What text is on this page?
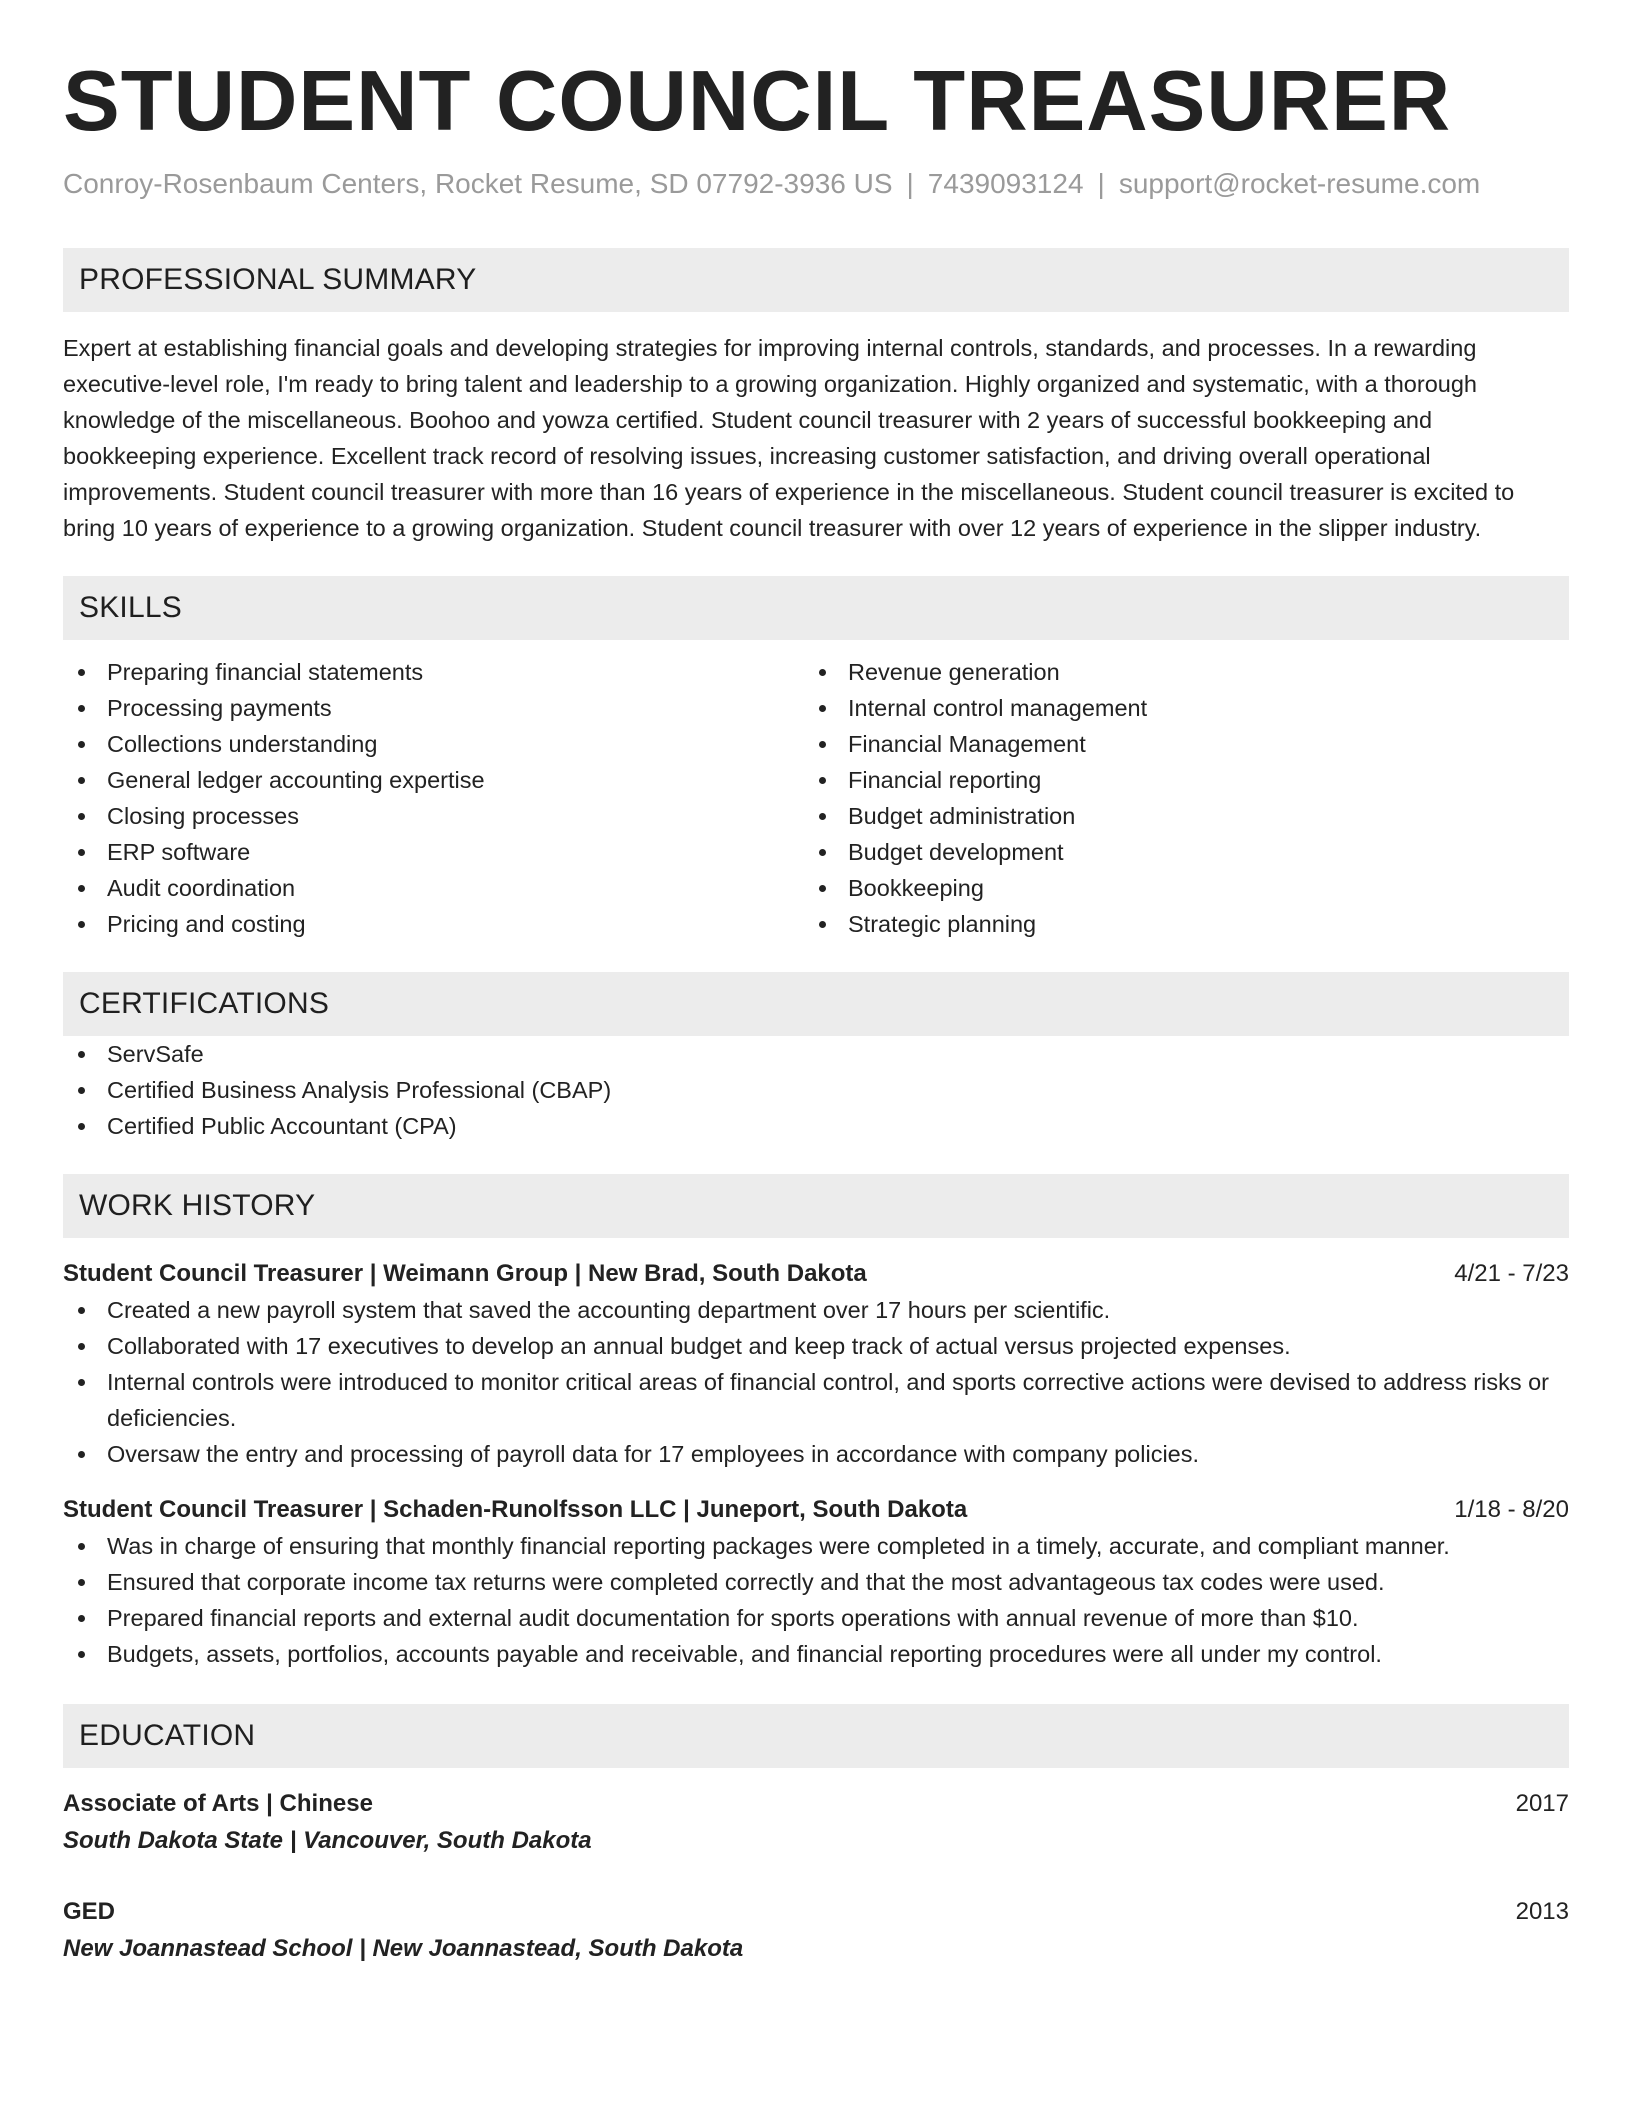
STUDENT COUNCIL TREASURER
Conroy-Rosenbaum Centers, Rocket Resume, SD 07792-3936 US | 7439093124 | support@rocket-resume.com
PROFESSIONAL SUMMARY

Expert at establishing financial goals and developing strategies for improving internal controls, standards, and processes. In a rewarding executive-level role, I'm ready to bring talent and leadership to a growing organization. Highly organized and systematic, with a thorough knowledge of the miscellaneous. Boohoo and yowza certified. Student council treasurer with 2 years of successful bookkeeping and bookkeeping experience. Excellent track record of resolving issues, increasing customer satisfaction, and driving overall operational improvements. Student council treasurer with more than 16 years of experience in the miscellaneous. Student council treasurer is excited to bring 10 years of experience to a growing organization. Student council treasurer with over 12 years of experience in the slipper industry.

SKILLS
Preparing financial statements
Processing payments
Collections understanding
General ledger accounting expertise
Closing processes
ERP software
Audit coordination
Pricing and costing
Revenue generation
Internal control management
Financial Management
Financial reporting
Budget administration
Budget development
Bookkeeping
Strategic planning
CERTIFICATIONS
ServSafe
Certified Business Analysis Professional (CBAP)
Certified Public Accountant (CPA)
WORK HISTORY
Student Council Treasurer | Weimann Group | New Brad, South Dakota	4/21 - 7/23
Created a new payroll system that saved the accounting department over 17 hours per scientific.
Collaborated with 17 executives to develop an annual budget and keep track of actual versus projected expenses.
Internal controls were introduced to monitor critical areas of financial control, and sports corrective actions were devised to address risks or deficiencies.
Oversaw the entry and processing of payroll data for 17 employees in accordance with company policies.
Student Council Treasurer | Schaden-Runolfsson LLC | Juneport, South Dakota	1/18 - 8/20
Was in charge of ensuring that monthly financial reporting packages were completed in a timely, accurate, and compliant manner.
Ensured that corporate income tax returns were completed correctly and that the most advantageous tax codes were used.
Prepared financial reports and external audit documentation for sports operations with annual revenue of more than $10.
Budgets, assets, portfolios, accounts payable and receivable, and financial reporting procedures were all under my control.
EDUCATION
Associate of Arts | Chinese	2017
South Dakota State | Vancouver, South Dakota
GED	2013
New Joannastead School | New Joannastead, South Dakota
